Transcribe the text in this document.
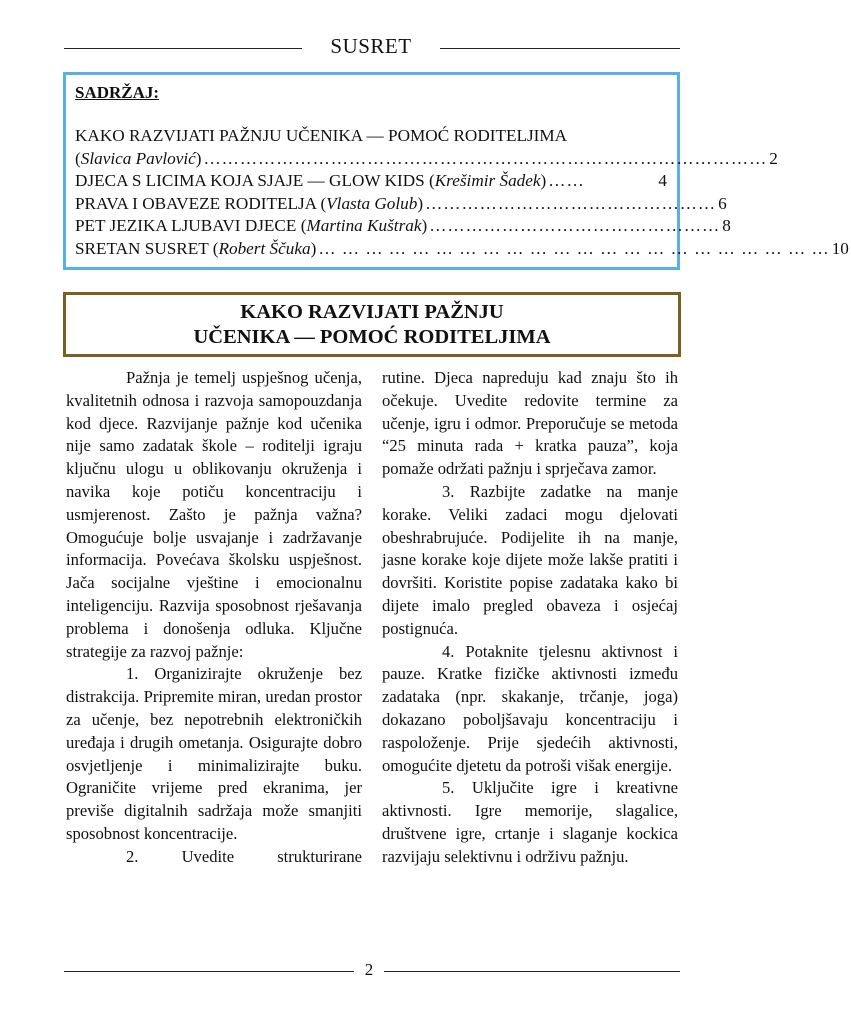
SUSRET
SADRŽAJ:
KAKO RAZVIJATI PAŽNJU UČENIKA — POMOĆ RODITELJIMA
(Slavica Pavlović) ………………………………………………………………………………… 2
DJECA S LICIMA KOJA SJAJE — GLOW KIDS (Krešimir Šadek) ……	4
PRAVA I OBAVEZE RODITELJA (Vlasta Golub) ………………………………………… 6
PET JEZIKA LJUBAVI DJECE (Martina Kuštrak) ………………………………………… 8
SRETAN SUSRET (Robert Ščuka) … … … … … … … … … … … … … … … … … … … … … … 10
KAKO RAZVIJATI PAŽNJU
UČENIKA — POMOĆ RODITELJIMA

Pažnja je temelj uspješnog učenja, kvalitetnih odnosa i razvoja samopouzdanja kod djece. Razvijanje pažnje kod učenika nije samo zadatak škole – roditelji igraju ključnu ulogu u oblikovanju okruženja i navika koje potiču koncentraciju i usmjerenost. Zašto je pažnja važna? Omogućuje bolje usvajanje i zadržavanje informacija. Povećava školsku uspješnost. Jača socijalne vještine i emocionalnu inteligenciju. Razvija sposobnost rješavanja problema i donošenja odluka. Ključne strategije za razvoj pažnje:

1. Organizirajte okruženje bez distrakcija. Pripremite miran, uredan prostor za učenje, bez nepotrebnih elektroničkih uređaja i drugih ometanja. Osigurajte dobro osvjetljenje i minimalizirajte buku. Ograničite vrijeme pred ekranima, jer previše digitalnih sadržaja može smanjiti sposobnost koncentracije.

2. Uvedite strukturirane

rutine. Djeca napreduju kad znaju što ih očekuje. Uvedite redovite termine za učenje, igru i odmor. Preporučuje se metoda “25 minuta rada + kratka pauza”, koja pomaže održati pažnju i sprječava zamor.

3. Razbijte zadatke na manje korake. Veliki zadaci mogu djelovati obeshrabrujuće. Podijelite ih na manje, jasne korake koje dijete može lakše pratiti i dovršiti. Koristite popise zadataka kako bi dijete imalo pregled obaveza i osjećaj postignuća.

4. Potaknite tjelesnu aktivnost i pauze. Kratke fizičke aktivnosti između zadataka (npr. skakanje, trčanje, joga) dokazano poboljšavaju koncentraciju i raspoloženje. Prije sjedećih aktivnosti, omogućite djetetu da potroši višak energije.

5. Uključite igre i kreativne aktivnosti. Igre memorije, slagalice, društvene igre, crtanje i slaganje kockica razvijaju selektivnu i održivu pažnju.

2
